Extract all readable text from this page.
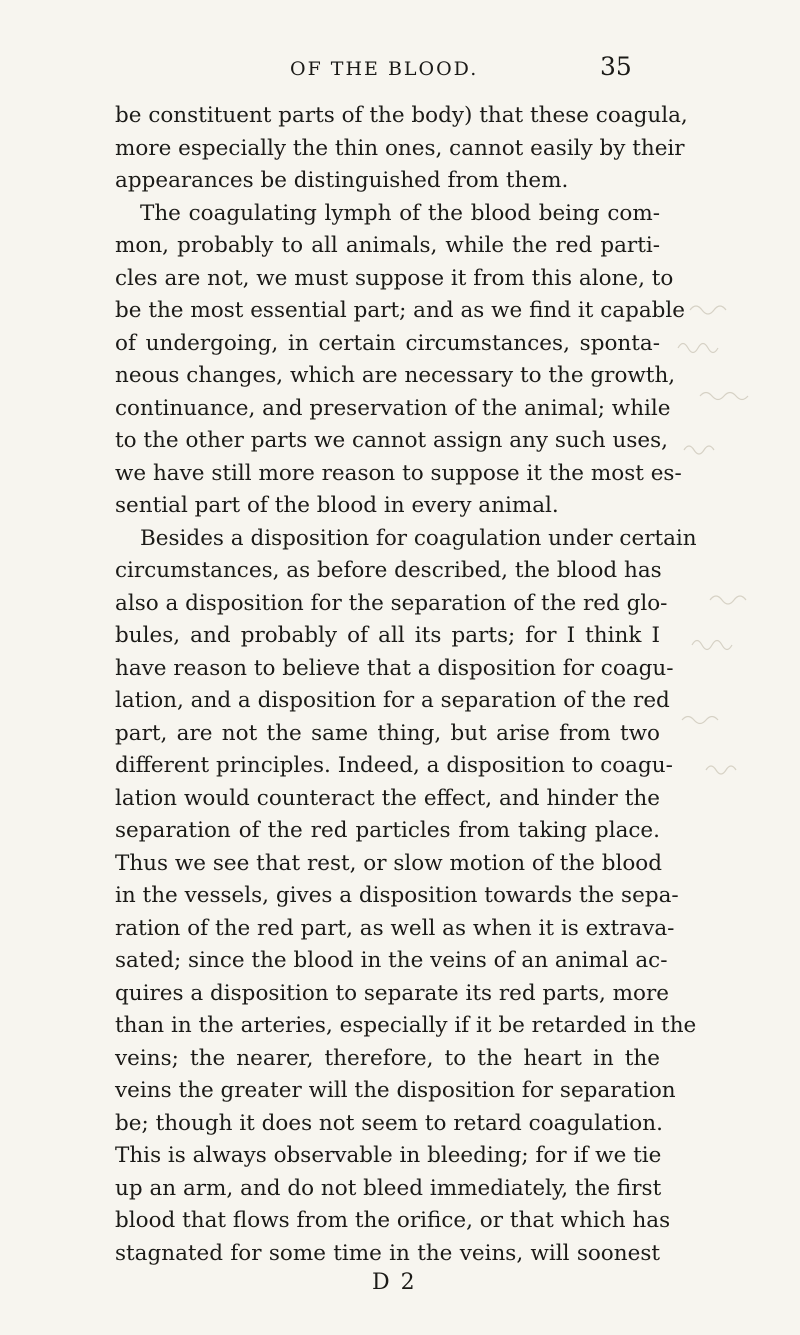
OF THE BLOOD.	35
be constituent parts of the body) that these coagula,
more especially the thin ones, cannot easily by their
appearances be distinguished from them.
The coagulating lymph of the blood being com-
mon, probably to all animals, while the red parti-
cles are not, we must suppose it from this alone, to
be the most essential part; and as we find it capable
of undergoing, in certain circumstances, sponta-
neous changes, which are necessary to the growth,
continuance, and preservation of the animal; while
to the other parts we cannot assign any such uses,
we have still more reason to suppose it the most es-
sential part of the blood in every animal.
Besides a disposition for coagulation under certain
circumstances, as before described, the blood has
also a disposition for the separation of the red glo-
bules, and probably of all its parts; for I think I
have reason to believe that a disposition for coagu-
lation, and a disposition for a separation of the red
part, are not the same thing, but arise from two
different principles. Indeed, a disposition to coagu-
lation would counteract the effect, and hinder the
separation of the red particles from taking place.
Thus we see that rest, or slow motion of the blood
in the vessels, gives a disposition towards the sepa-
ration of the red part, as well as when it is extrava-
sated; since the blood in the veins of an animal ac-
quires a disposition to separate its red parts, more
than in the arteries, especially if it be retarded in the
veins; the nearer, therefore, to the heart in the
veins the greater will the disposition for separation
be; though it does not seem to retard coagulation.
This is always observable in bleeding; for if we tie
up an arm, and do not bleed immediately, the first
blood that flows from the orifice, or that which has
stagnated for some time in the veins, will soonest
D 2
